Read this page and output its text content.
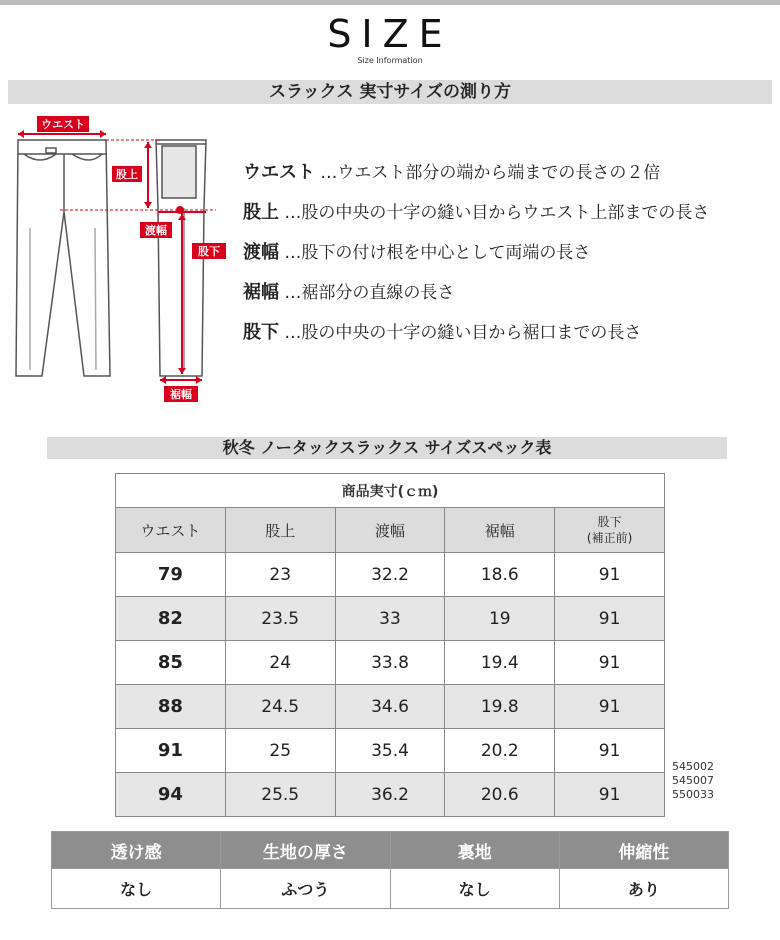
SIZE
Size Information
スラックス 実寸サイズの測り方
ウエスト
股上
渡幅
股下
裾幅
ウエスト …ウエスト部分の端から端までの長さの２倍
股上 …股の中央の十字の縫い目からウエスト上部までの長さ
渡幅 …股下の付け根を中心として両端の長さ
裾幅 …裾部分の直線の長さ
股下 …股の中央の十字の縫い目から裾口までの長さ
秋冬 ノータックスラックス サイズスペック表
商品実寸(ｃｍ)				
ウエスト	股上	渡幅	裾幅	股下
(補正前)
79	23	32.2	18.6	91
82	23.5	33	19	91
85	24	33.8	19.4	91
88	24.5	34.6	19.8	91
91	25	35.4	20.2	91
94	25.5	36.2	20.6	91
545002
545007
550033
透け感	生地の厚さ	裏地	伸縮性
なし	ふつう	なし	あり
